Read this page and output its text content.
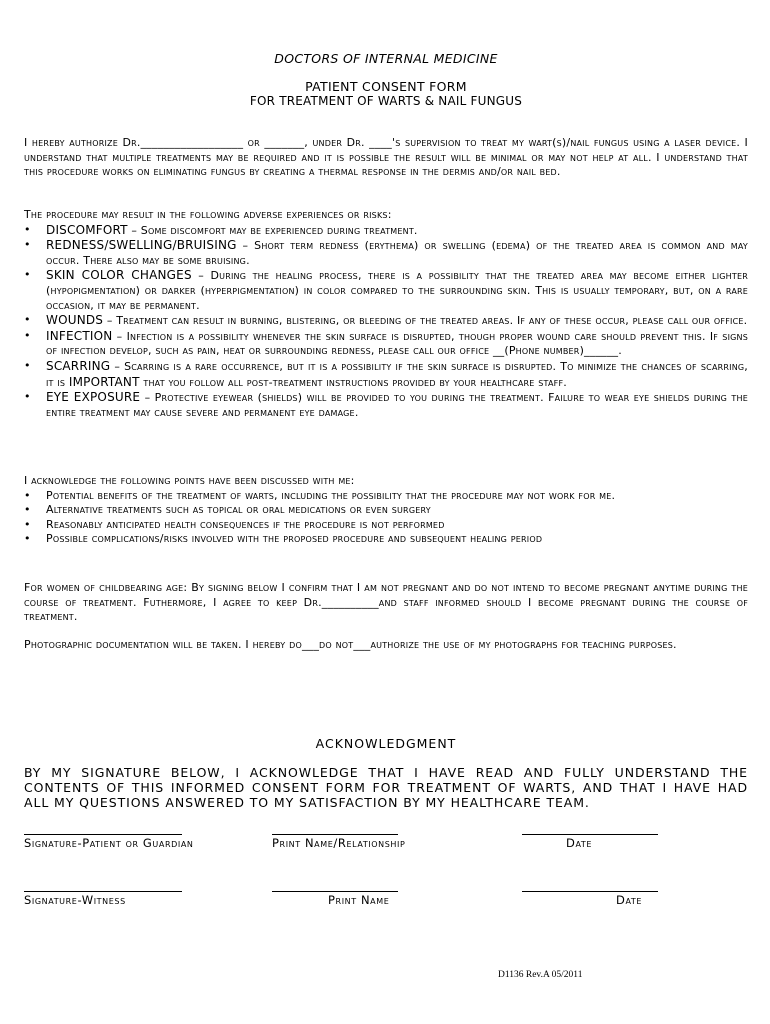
DOCTORS OF INTERNAL MEDICINE
PATIENT CONSENT FORM
FOR TREATMENT OF WARTS & NAIL FUNGUS

I hereby authorize Dr.__________________ or _______, under Dr. ____'s supervision to treat my wart(s)/nail fungus using a laser device. I understand that multiple treatments may be required and it is possible the result will be minimal or may not help at all. I understand that this procedure works on eliminating fungus by creating a thermal response in the dermis and/or nail bed.

The procedure may result in the following adverse experiences or risks:

• DISCOMFORT – Some discomfort may be experienced during treatment.
• REDNESS/SWELLING/BRUISING – Short term redness (erythema) or swelling (edema) of the treated area is common and may occur. There also may be some bruising.
• SKIN COLOR CHANGES – During the healing process, there is a possibility that the treated area may become either lighter (hypopigmentation) or darker (hyperpigmentation) in color compared to the surrounding skin. This is usually temporary, but, on a rare occasion, it may be permanent.
• WOUNDS – Treatment can result in burning, blistering, or bleeding of the treated areas. If any of these occur, please call our office.
• INFECTION – Infection is a possibility whenever the skin surface is disrupted, though proper wound care should prevent this. If signs of infection develop, such as pain, heat or surrounding redness, please call our office __(Phone number)______.
• SCARRING – Scarring is a rare occurrence, but it is a possibility if the skin surface is disrupted. To minimize the chances of scarring, it is IMPORTANT that you follow all post-treatment instructions provided by your healthcare staff.
• EYE EXPOSURE – Protective eyewear (shields) will be provided to you during the treatment. Failure to wear eye shields during the entire treatment may cause severe and permanent eye damage.

I acknowledge the following points have been discussed with me:

• Potential benefits of the treatment of warts, including the possibility that the procedure may not work for me.
• Alternative treatments such as topical or oral medications or even surgery
• Reasonably anticipated health consequences if the procedure is not performed
• Possible complications/risks involved with the proposed procedure and subsequent healing period

For women of childbearing age: By signing below I confirm that I am not pregnant and do not intend to become pregnant anytime during the course of treatment. Futhermore, I agree to keep Dr.__________and staff informed should I become pregnant during the course of treatment.

Photographic documentation will be taken. I hereby do___do not___authorize the use of my photographs for teaching purposes.

ACKNOWLEDGMENT
BY MY SIGNATURE BELOW, I ACKNOWLEDGE THAT I HAVE READ AND FULLY UNDERSTAND THE CONTENTS OF THIS INFORMED CONSENT FORM FOR TREATMENT OF WARTS, AND THAT I HAVE HAD ALL MY QUESTIONS ANSWERED TO MY SATISFACTION BY MY HEALTHCARE TEAM.
Signature-Patient or Guardian	Print Name/Relationship	Date
Signature-Witness	Print Name	Date
D1136 Rev.A 05/2011
